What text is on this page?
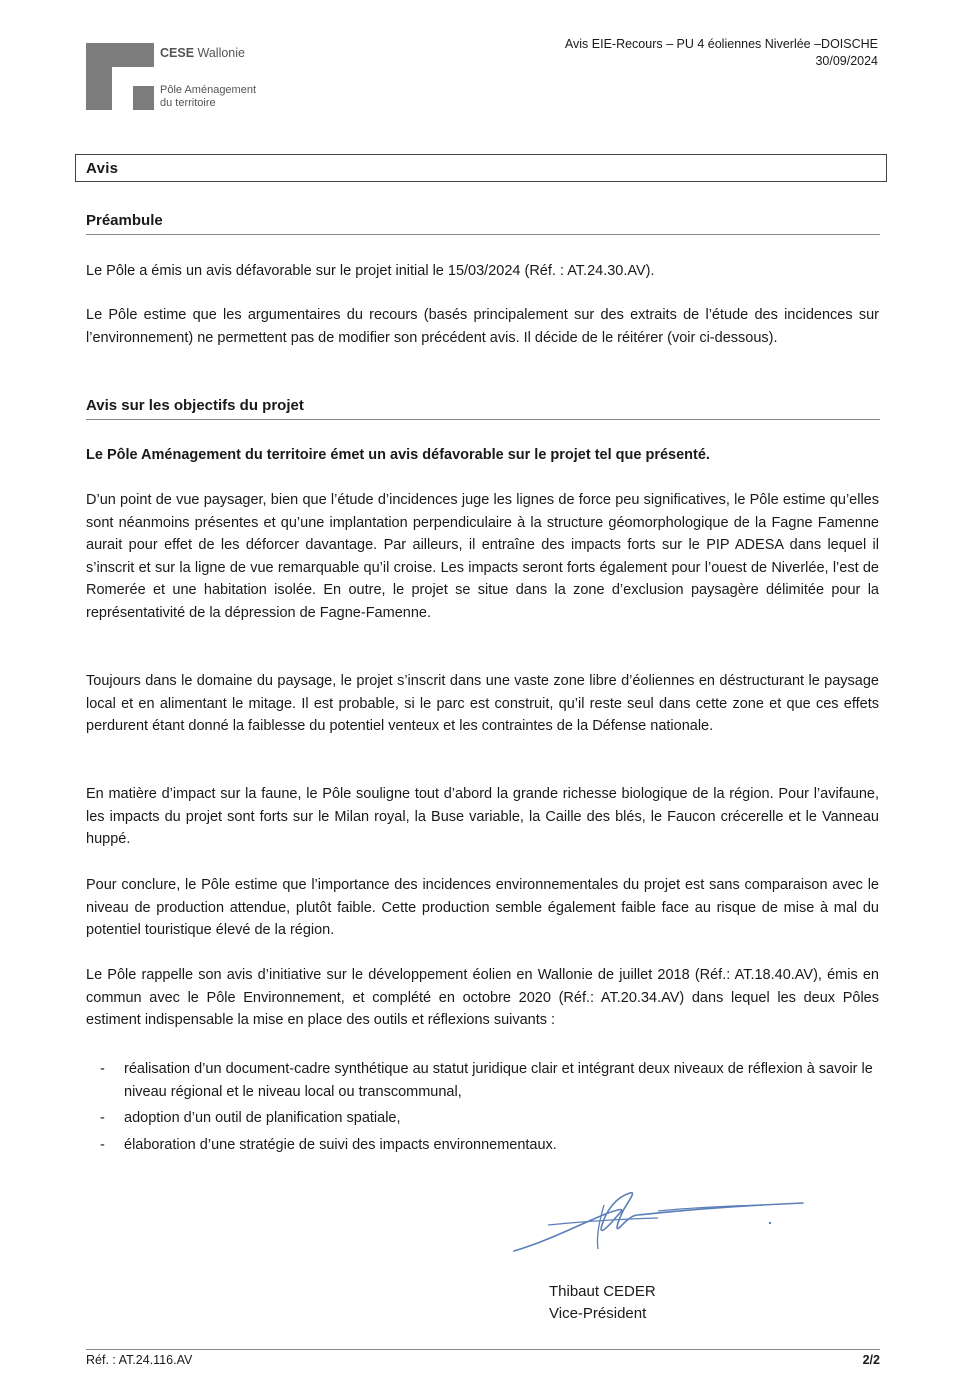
CESE Wallonie
Pôle Aménagement
du territoire
Avis EIE-Recours – PU 4 éoliennes Niverlée –DOISCHE
30/09/2024
Avis
Préambule

Le Pôle a émis un avis défavorable sur le projet initial le 15/03/2024 (Réf. : AT.24.30.AV).

Le Pôle estime que les argumentaires du recours (basés principalement sur des extraits de l’étude des incidences sur l’environnement) ne permettent pas de modifier son précédent avis. Il décide de le réitérer (voir ci-dessous).

Avis sur les objectifs du projet

Le Pôle Aménagement du territoire émet un avis défavorable sur le projet tel que présenté.

D’un point de vue paysager, bien que l’étude d’incidences juge les lignes de force peu significatives, le Pôle estime qu’elles sont néanmoins présentes et qu’une implantation perpendiculaire à la structure géomorphologique de la Fagne Famenne aurait pour effet de les déforcer davantage. Par ailleurs, il entraîne des impacts forts sur le PIP ADESA dans lequel il s’inscrit et sur la ligne de vue remarquable qu’il croise. Les impacts seront forts également pour l’ouest de Niverlée, l’est de Romerée et une habitation isolée. En outre, le projet se situe dans la zone d’exclusion paysagère délimitée pour la représentativité de la dépression de Fagne-Famenne.

Toujours dans le domaine du paysage, le projet s’inscrit dans une vaste zone libre d’éoliennes en déstructurant le paysage local et en alimentant le mitage. Il est probable, si le parc est construit, qu’il reste seul dans cette zone et que ces effets perdurent étant donné la faiblesse du potentiel venteux et les contraintes de la Défense nationale.

En matière d’impact sur la faune, le Pôle souligne tout d’abord la grande richesse biologique de la région. Pour l’avifaune, les impacts du projet sont forts sur le Milan royal, la Buse variable, la Caille des blés, le Faucon crécerelle et le Vanneau huppé.

Pour conclure, le Pôle estime que l’importance des incidences environnementales du projet est sans comparaison avec le niveau de production attendue, plutôt faible. Cette production semble également faible face au risque de mise à mal du potentiel touristique élevé de la région.

Le Pôle rappelle son avis d’initiative sur le développement éolien en Wallonie de juillet 2018 (Réf.: AT.18.40.AV), émis en commun avec le Pôle Environnement, et complété en octobre 2020 (Réf.: AT.20.34.AV) dans lequel les deux Pôles estiment indispensable la mise en place des outils et réflexions suivants :

- réalisation d’un document-cadre synthétique au statut juridique clair et intégrant deux niveaux de réflexion à savoir le niveau régional et le niveau local ou transcommunal,
- adoption d’un outil de planification spatiale,
- élaboration d’une stratégie de suivi des impacts environnementaux.
Thibaut CEDER
Vice-Président
Réf. : AT.24.116.AV	2/2
